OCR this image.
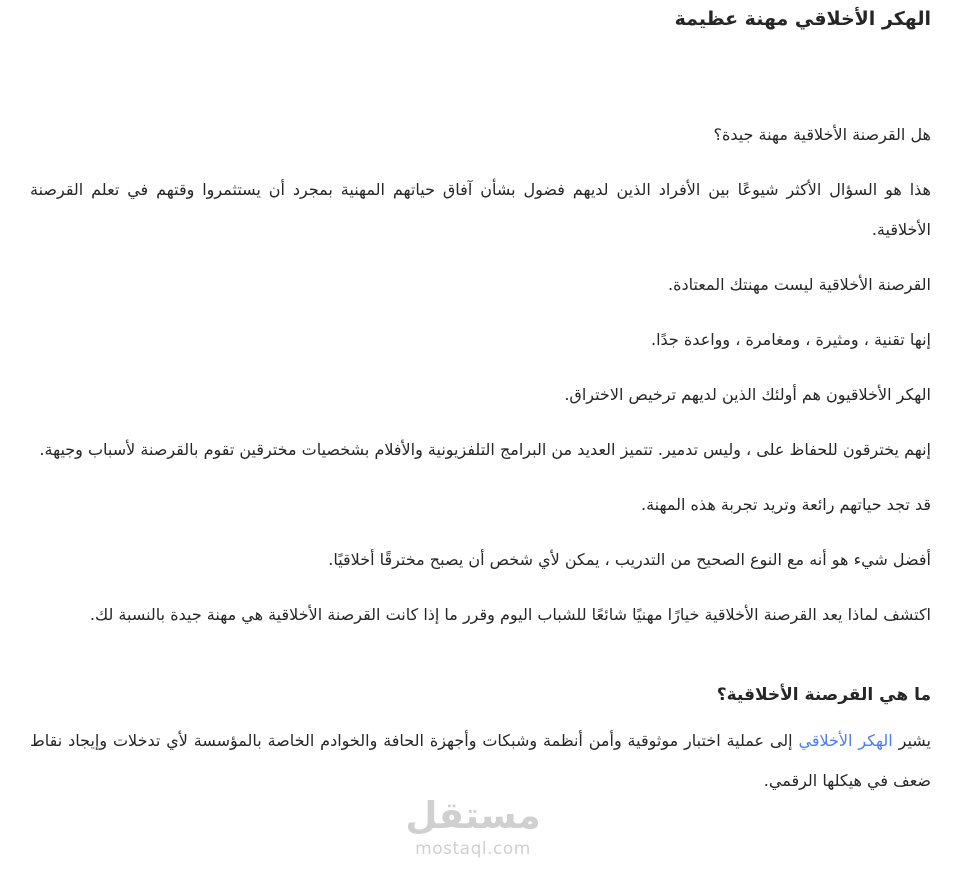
مستقل
mostaql.com
الهكر الأخلاقي مهنة عظيمة

هل القرصنة الأخلاقية مهنة جيدة؟

هذا هو السؤال الأكثر شيوعًا بين الأفراد الذين لديهم فضول بشأن آفاق حياتهم المهنية بمجرد أن يستثمروا وقتهم في تعلم القرصنة الأخلاقية.

القرصنة الأخلاقية ليست مهنتك المعتادة.

إنها تقنية ، ومثيرة ، ومغامرة ، وواعدة جدًا.

الهكر الأخلاقيون هم أولئك الذين لديهم ترخيص الاختراق.

إنهم يخترقون للحفاظ على ، وليس تدمير. تتميز العديد من البرامج التلفزيونية والأفلام بشخصيات مخترقين تقوم بالقرصنة لأسباب وجيهة.

قد تجد حياتهم رائعة وتريد تجربة هذه المهنة.

أفضل شيء هو أنه مع النوع الصحيح من التدريب ، يمكن لأي شخص أن يصبح مخترقًا أخلاقيًا.

اكتشف لماذا يعد القرصنة الأخلاقية خيارًا مهنيًا شائعًا للشباب اليوم وقرر ما إذا كانت القرصنة الأخلاقية هي مهنة جيدة بالنسبة لك.

ما هي القرصنة الأخلاقية؟

يشير الهكر الأخلاقي إلى عملية اختبار موثوقية وأمن أنظمة وشبكات وأجهزة الحافة والخوادم الخاصة بالمؤسسة لأي تدخلات وإيجاد نقاط ضعف في هيكلها الرقمي.
